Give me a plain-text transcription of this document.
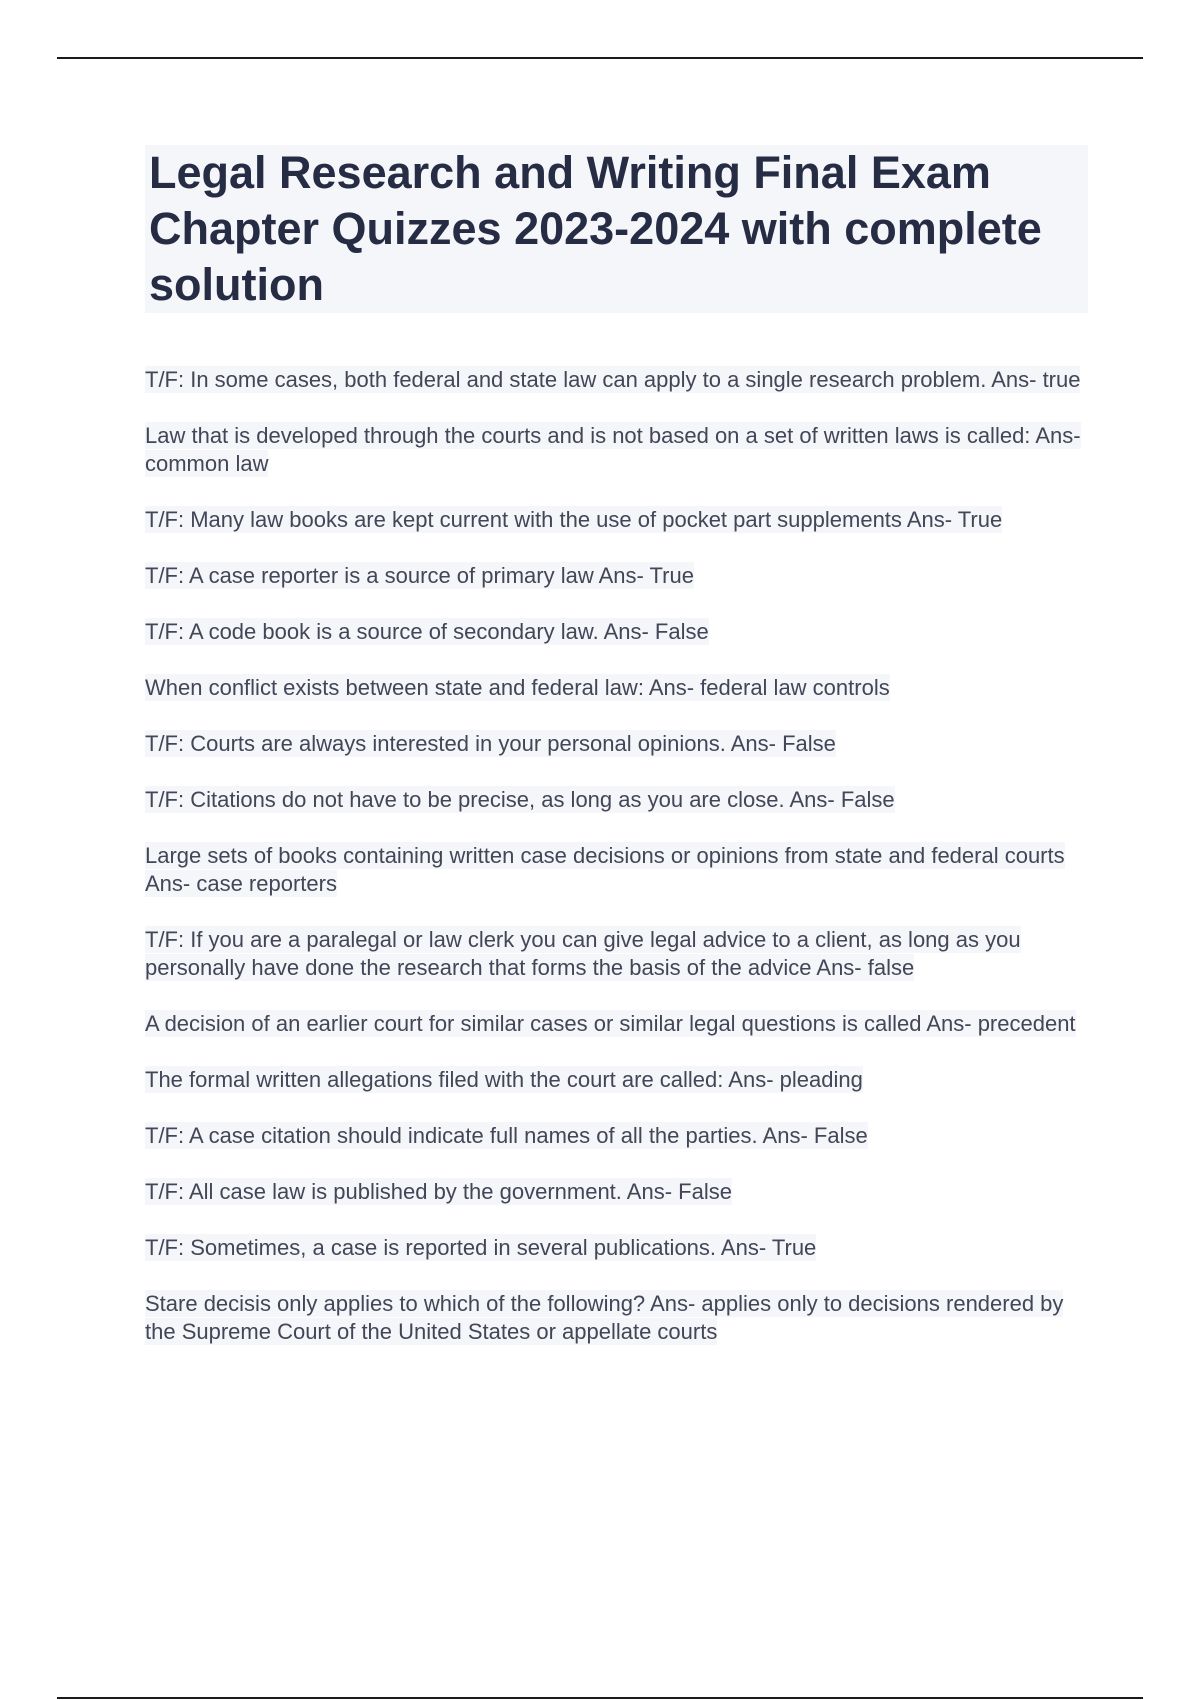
Legal Research and Writing Final Exam Chapter Quizzes 2023-2024 with complete solution
T/F: In some cases, both federal and state law can apply to a single research problem. Ans- true
Law that is developed through the courts and is not based on a set of written laws is called: Ans- common law
T/F: Many law books are kept current with the use of pocket part supplements Ans- True
T/F: A case reporter is a source of primary law Ans- True
T/F: A code book is a source of secondary law. Ans- False
When conflict exists between state and federal law: Ans- federal law controls
T/F: Courts are always interested in your personal opinions. Ans- False
T/F: Citations do not have to be precise, as long as you are close. Ans- False
Large sets of books containing written case decisions or opinions from state and federal courts Ans- case reporters
T/F: If you are a paralegal or law clerk you can give legal advice to a client, as long as you personally have done the research that forms the basis of the advice Ans- false
A decision of an earlier court for similar cases or similar legal questions is called Ans- precedent
The formal written allegations filed with the court are called: Ans- pleading
T/F: A case citation should indicate full names of all the parties. Ans- False
T/F: All case law is published by the government. Ans- False
T/F: Sometimes, a case is reported in several publications. Ans- True
Stare decisis only applies to which of the following? Ans- applies only to decisions rendered by the Supreme Court of the United States or appellate courts
